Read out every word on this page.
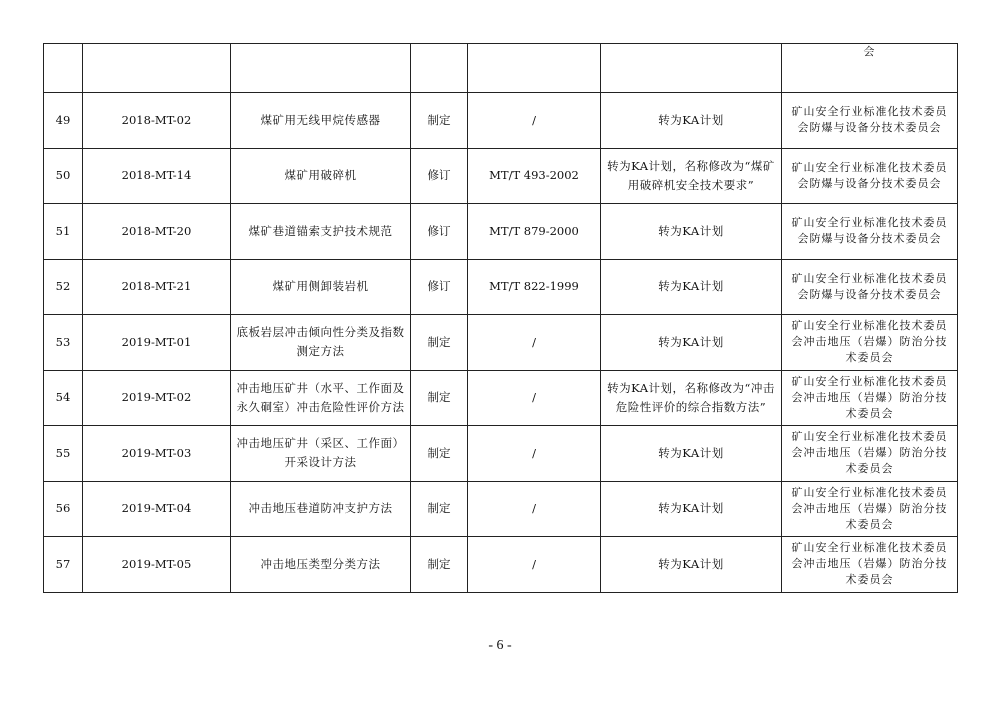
						会
49	2018-MT-02	煤矿用无线甲烷传感器	制定	/	转为KA计划	矿山安全行业标准化技术委员会防爆与设备分技术委员会
50	2018-MT-14	煤矿用破碎机	修订	MT/T 493-2002	转为KA计划，名称修改为“煤矿用破碎机安全技术要求”	矿山安全行业标准化技术委员会防爆与设备分技术委员会
51	2018-MT-20	煤矿巷道锚索支护技术规范	修订	MT/T 879-2000	转为KA计划	矿山安全行业标准化技术委员会防爆与设备分技术委员会
52	2018-MT-21	煤矿用侧卸装岩机	修订	MT/T 822-1999	转为KA计划	矿山安全行业标准化技术委员会防爆与设备分技术委员会
53	2019-MT-01	底板岩层冲击倾向性分类及指数测定方法	制定	/	转为KA计划	矿山安全行业标准化技术委员会冲击地压（岩爆）防治分技术委员会
54	2019-MT-02	冲击地压矿井（水平、工作面及永久硐室）冲击危险性评价方法	制定	/	转为KA计划，名称修改为“冲击危险性评价的综合指数方法”	矿山安全行业标准化技术委员会冲击地压（岩爆）防治分技术委员会
55	2019-MT-03	冲击地压矿井（采区、工作面）开采设计方法	制定	/	转为KA计划	矿山安全行业标准化技术委员会冲击地压（岩爆）防治分技术委员会
56	2019-MT-04	冲击地压巷道防冲支护方法	制定	/	转为KA计划	矿山安全行业标准化技术委员会冲击地压（岩爆）防治分技术委员会
57	2019-MT-05	冲击地压类型分类方法	制定	/	转为KA计划	矿山安全行业标准化技术委员会冲击地压（岩爆）防治分技术委员会
- 6 -
